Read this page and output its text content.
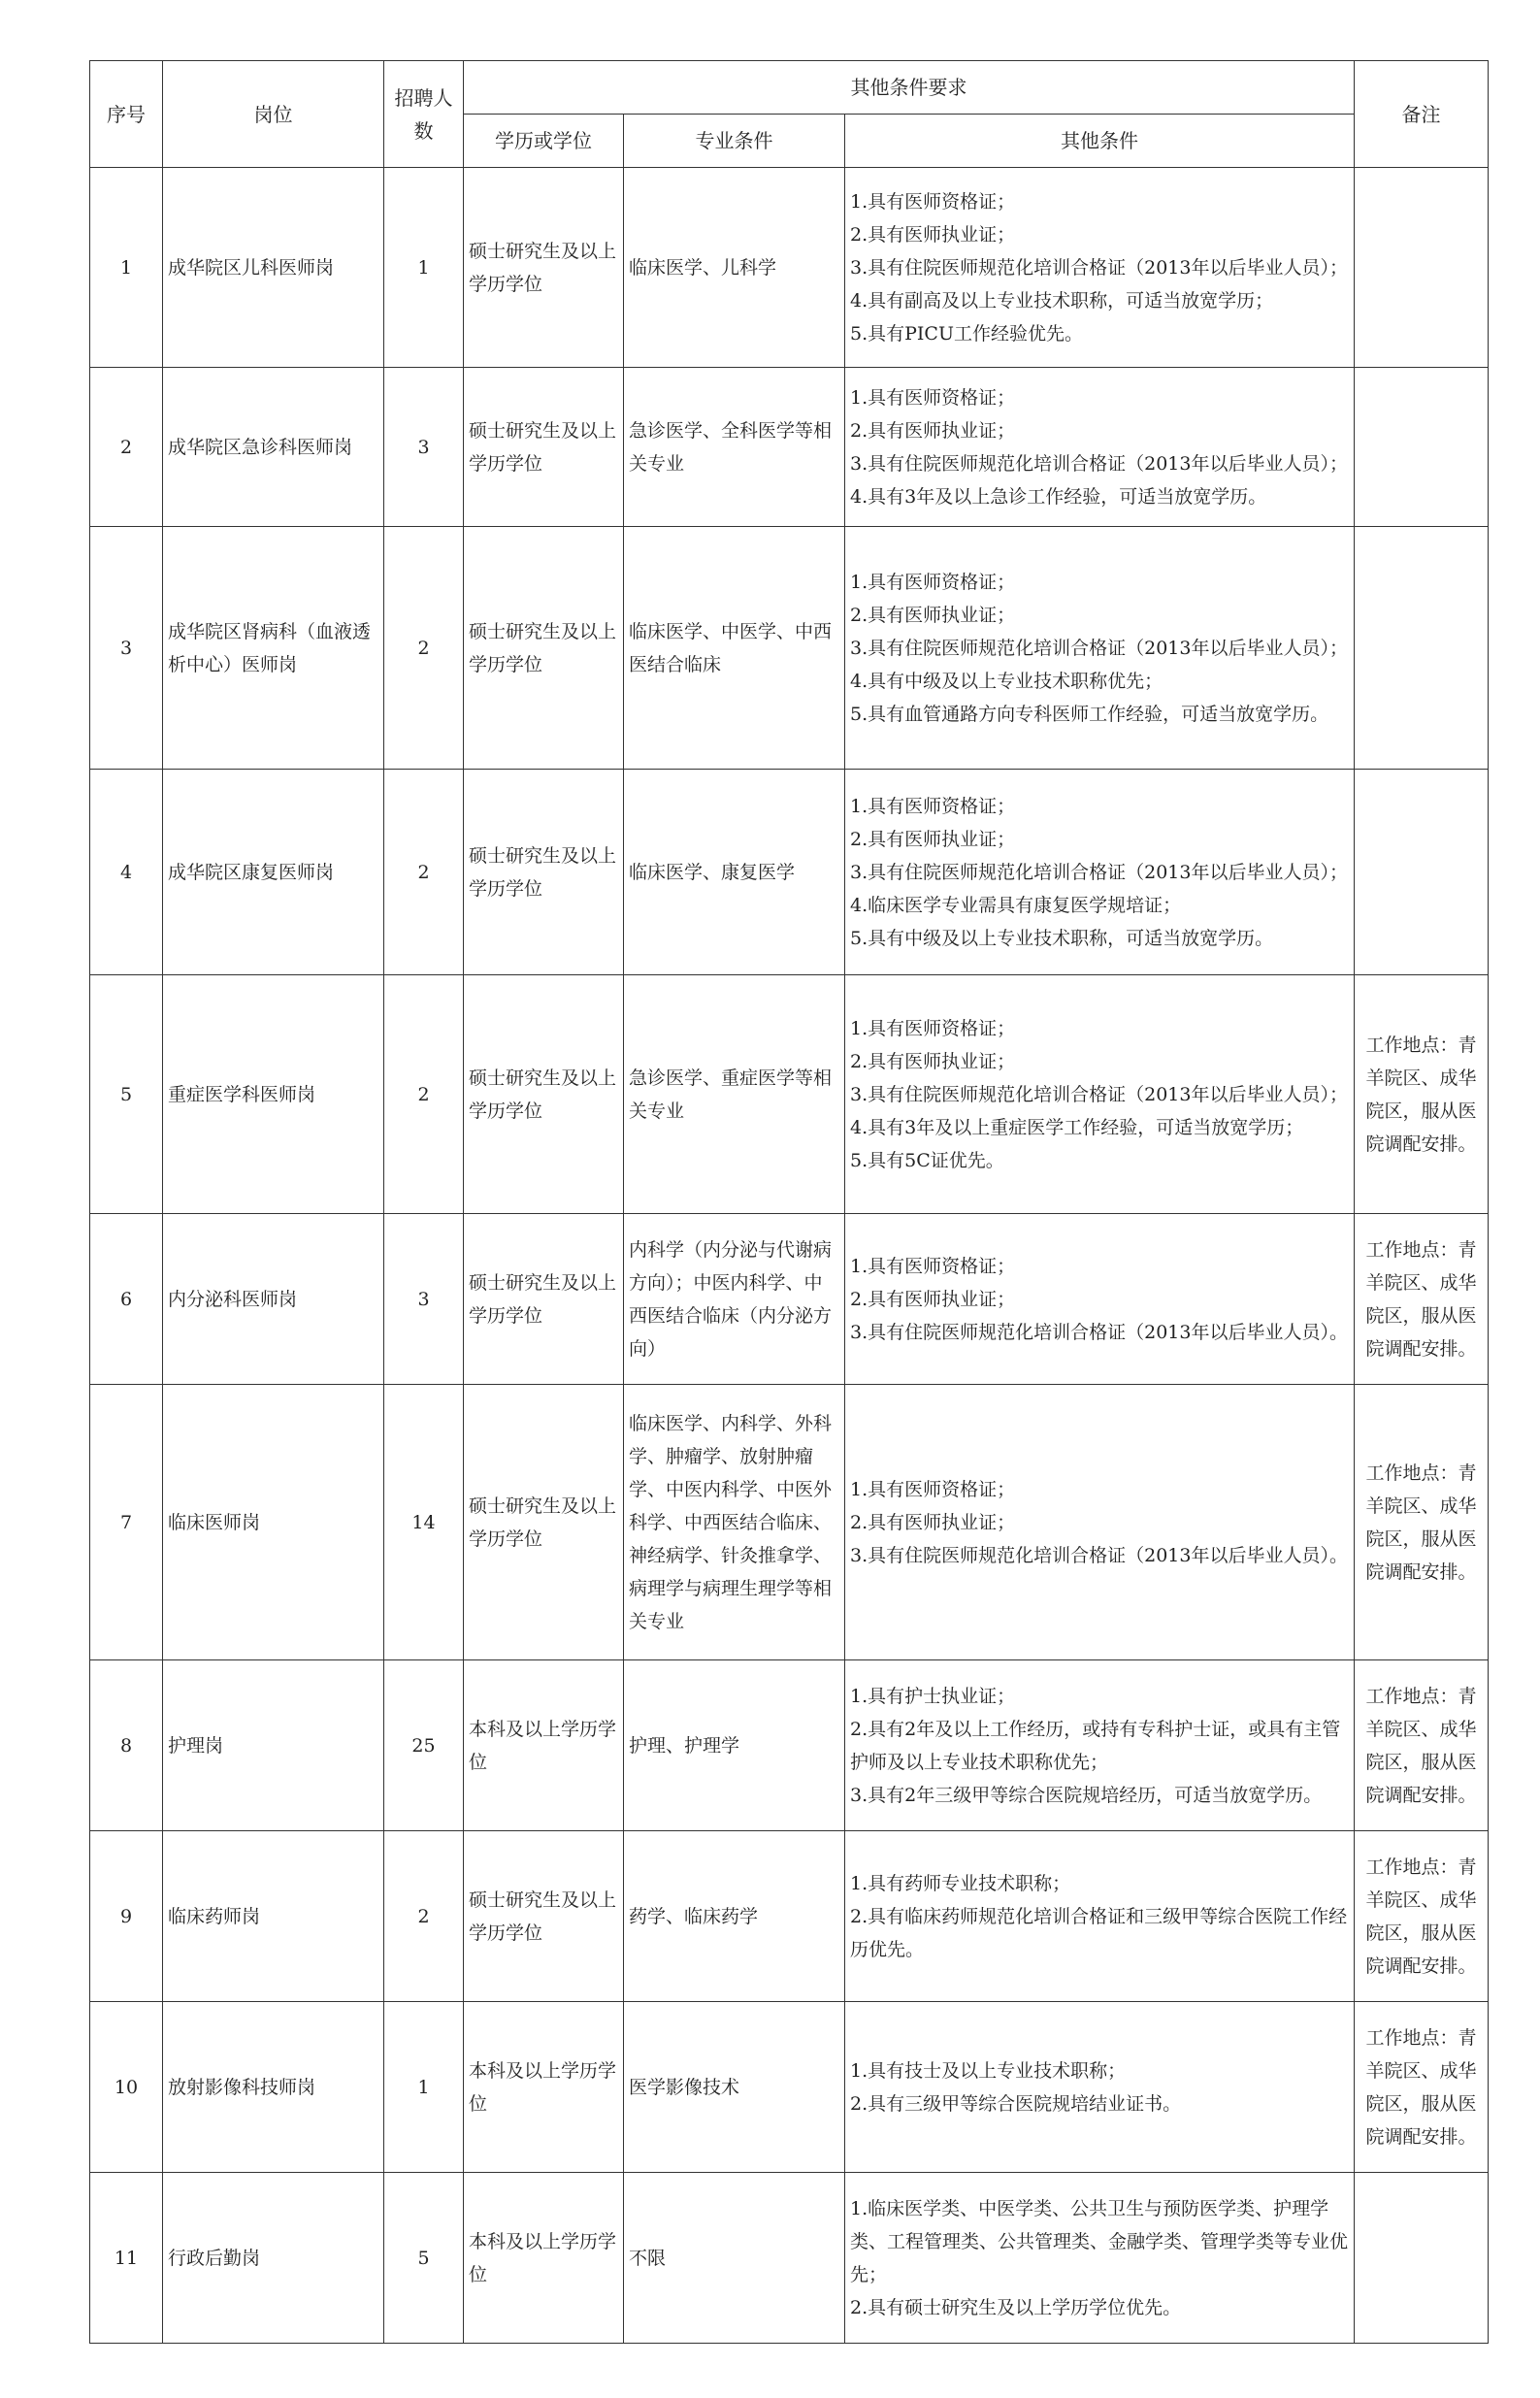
序号	岗位	招聘人数	其他条件要求			备注
			学历或学位	专业条件	其他条件	
1	成华院区儿科医师岗	1	硕士研究生及以上学历学位	临床医学、儿科学	1.具有医师资格证；
2.具有医师执业证；
3.具有住院医师规范化培训合格证（2013年以后毕业人员）；
4.具有副高及以上专业技术职称，可适当放宽学历；
5.具有PICU工作经验优先。	

2	成华院区急诊科医师岗	3	硕士研究生及以上学历学位	急诊医学、全科医学等相关专业	1.具有医师资格证；
2.具有医师执业证；
3.具有住院医师规范化培训合格证（2013年以后毕业人员）；
4.具有3年及以上急诊工作经验，可适当放宽学历。	

3	成华院区肾病科（血液透析中心）医师岗	2	硕士研究生及以上学历学位	临床医学、中医学、中西医结合临床	1.具有医师资格证；
2.具有医师执业证；
3.具有住院医师规范化培训合格证（2013年以后毕业人员）；
4.具有中级及以上专业技术职称优先；
5.具有血管通路方向专科医师工作经验，可适当放宽学历。	

4	成华院区康复医师岗	2	硕士研究生及以上学历学位	临床医学、康复医学	1.具有医师资格证；
2.具有医师执业证；
3.具有住院医师规范化培训合格证（2013年以后毕业人员）；
4.临床医学专业需具有康复医学规培证；
5.具有中级及以上专业技术职称，可适当放宽学历。	

5	重症医学科医师岗	2	硕士研究生及以上学历学位	急诊医学、重症医学等相关专业	1.具有医师资格证；
2.具有医师执业证；
3.具有住院医师规范化培训合格证（2013年以后毕业人员）；
4.具有3年及以上重症医学工作经验，可适当放宽学历；
5.具有5C证优先。	工作地点：青羊院区、成华院区，服从医院调配安排。
6	内分泌科医师岗	3	硕士研究生及以上学历学位	内科学（内分泌与代谢病方向）；中医内科学、中西医结合临床（内分泌方向）	1.具有医师资格证；
2.具有医师执业证；
3.具有住院医师规范化培训合格证（2013年以后毕业人员）。	工作地点：青羊院区、成华院区，服从医院调配安排。
7	临床医师岗	14	硕士研究生及以上学历学位	临床医学、内科学、外科学、肿瘤学、放射肿瘤学、中医内科学、中医外科学、中西医结合临床、神经病学、针灸推拿学、病理学与病理生理学等相关专业	1.具有医师资格证；
2.具有医师执业证；
3.具有住院医师规范化培训合格证（2013年以后毕业人员）。	工作地点：青羊院区、成华院区，服从医院调配安排。
8	护理岗	25	本科及以上学历学位	护理、护理学	1.具有护士执业证；
2.具有2年及以上工作经历，或持有专科护士证，或具有主管护师及以上专业技术职称优先；
3.具有2年三级甲等综合医院规培经历，可适当放宽学历。	工作地点：青羊院区、成华院区，服从医院调配安排。
9	临床药师岗	2	硕士研究生及以上学历学位	药学、临床药学	1.具有药师专业技术职称；
2.具有临床药师规范化培训合格证和三级甲等综合医院工作经历优先。	工作地点：青羊院区、成华院区，服从医院调配安排。
10	放射影像科技师岗	1	本科及以上学历学位	医学影像技术	1.具有技士及以上专业技术职称；
2.具有三级甲等综合医院规培结业证书。	工作地点：青羊院区、成华院区，服从医院调配安排。
11	行政后勤岗	5	本科及以上学历学位	不限	1.临床医学类、中医学类、公共卫生与预防医学类、护理学类、工程管理类、公共管理类、金融学类、管理学类等专业优先；
2.具有硕士研究生及以上学历学位优先。	
